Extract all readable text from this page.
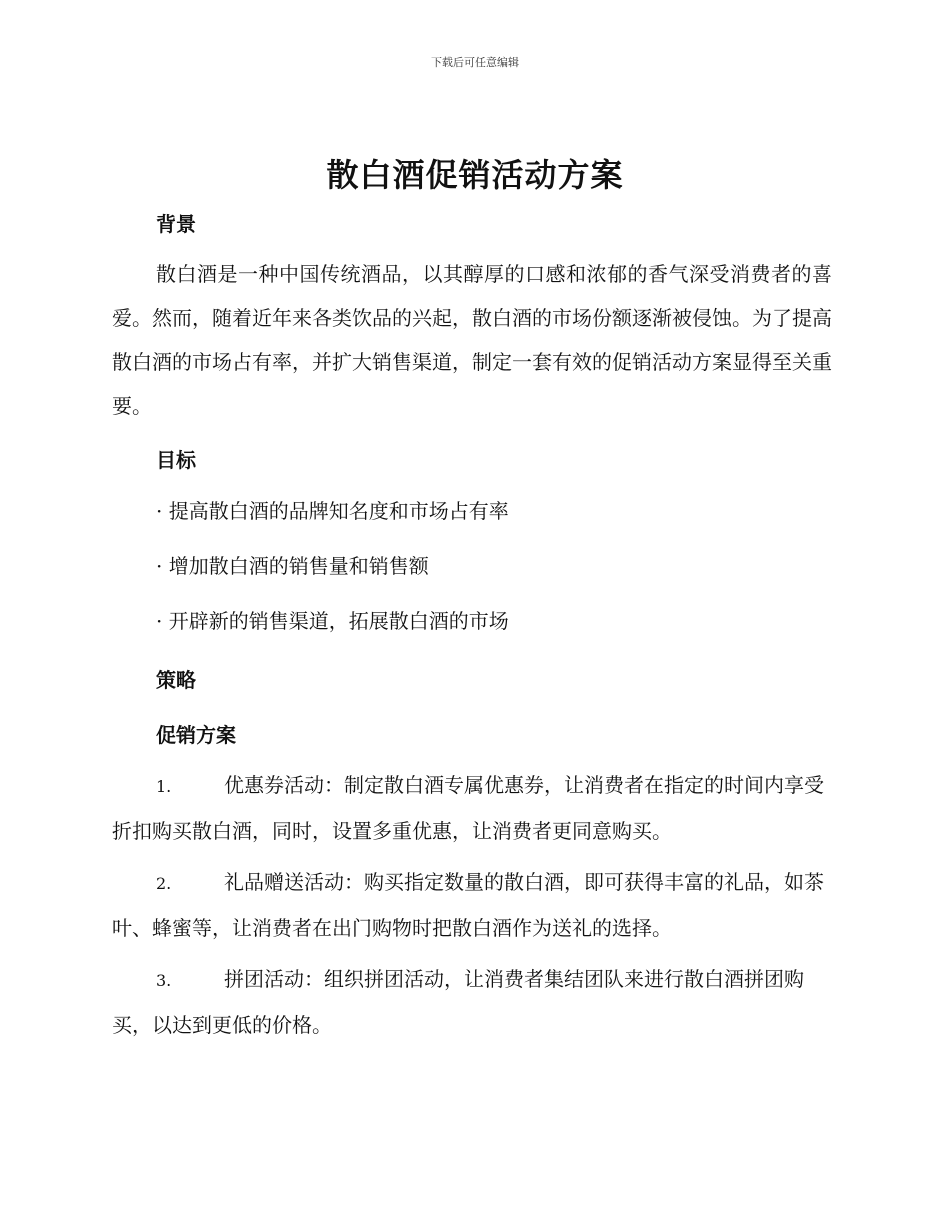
下载后可任意编辑
散白酒促销活动方案
背景

散白酒是一种中国传统酒品，以其醇厚的口感和浓郁的香气深受消费者的喜爱。然而，随着近年来各类饮品的兴起，散白酒的市场份额逐渐被侵蚀。为了提高散白酒的市场占有率，并扩大销售渠道，制定一套有效的促销活动方案显得至关重要。

目标
· 提高散白酒的品牌知名度和市场占有率
· 增加散白酒的销售量和销售额
· 开辟新的销售渠道，拓展散白酒的市场
策略
促销方案

1.	优惠券活动：制定散白酒专属优惠券，让消费者在指定的时间内享受折扣购买散白酒，同时，设置多重优惠，让消费者更同意购买。

2.	礼品赠送活动：购买指定数量的散白酒，即可获得丰富的礼品，如茶叶、蜂蜜等，让消费者在出门购物时把散白酒作为送礼的选择。

3.	拼团活动：组织拼团活动，让消费者集结团队来进行散白酒拼团购买，以达到更低的价格。
